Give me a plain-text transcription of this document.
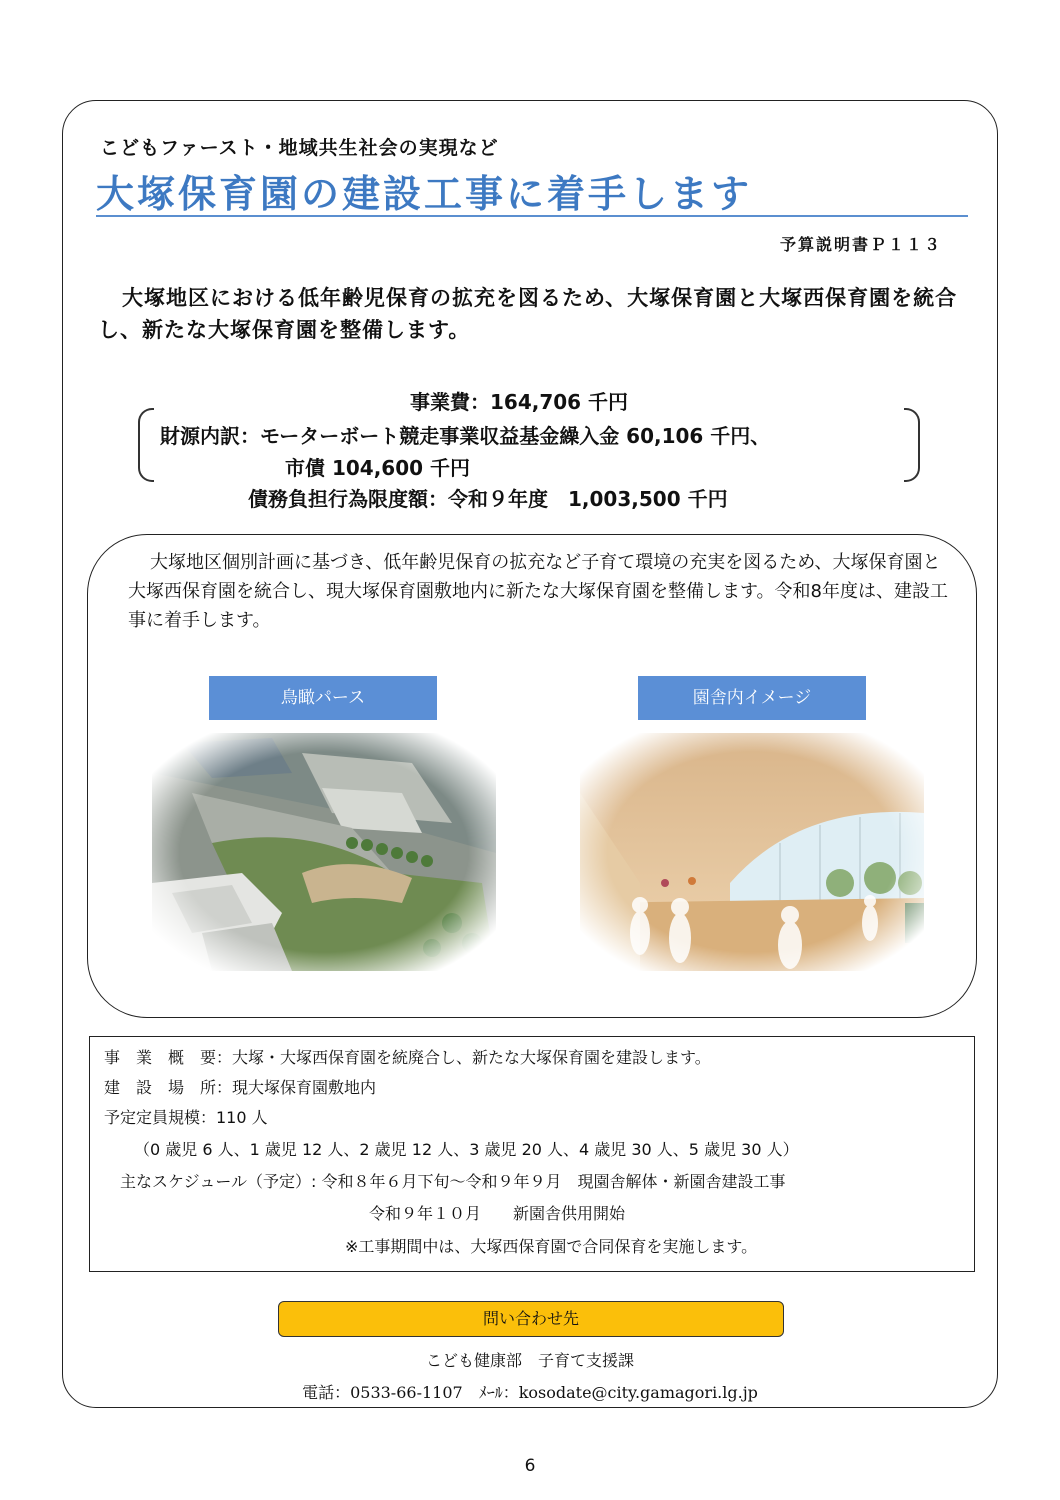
こどもファースト・地域共生社会の実現など
大塚保育園の建設工事に着手します
予算説明書Ｐ１１３
大塚地区における低年齢児保育の拡充を図るため、大塚保育園と大塚西保育園を統合し、新たな大塚保育園を整備します。
事業費：164,706 千円
財源内訳：モーターボート競走事業収益基金繰入金 60,106 千円、
市債 104,600 千円
債務負担行為限度額：令和９年度　1,003,500 千円
大塚地区個別計画に基づき、低年齢児保育の拡充など子育て環境の充実を図るため、大塚保育園と大塚西保育園を統合し、現大塚保育園敷地内に新たな大塚保育園を整備します。令和8年度は、建設工事に着手します。
鳥瞰パース	園舎内イメージ
事　業　概　要：大塚・大塚西保育園を統廃合し、新たな大塚保育園を建設します。
建　設　場　所：現大塚保育園敷地内
予定定員規模：110 人
（0 歳児 6 人、1 歳児 12 人、2 歳児 12 人、3 歳児 20 人、4 歳児 30 人、5 歳児 30 人）
主なスケジュール（予定）: 令和８年６月下旬～令和９年９月　現園舎解体・新園舎建設工事
令和９年１０月　　新園舎供用開始
※工事期間中は、大塚西保育園で合同保育を実施します。
問い合わせ先
こども健康部　子育て支援課
電話：0533-66-1107　ﾒｰﾙ：kosodate@city.gamagori.lg.jp
6
